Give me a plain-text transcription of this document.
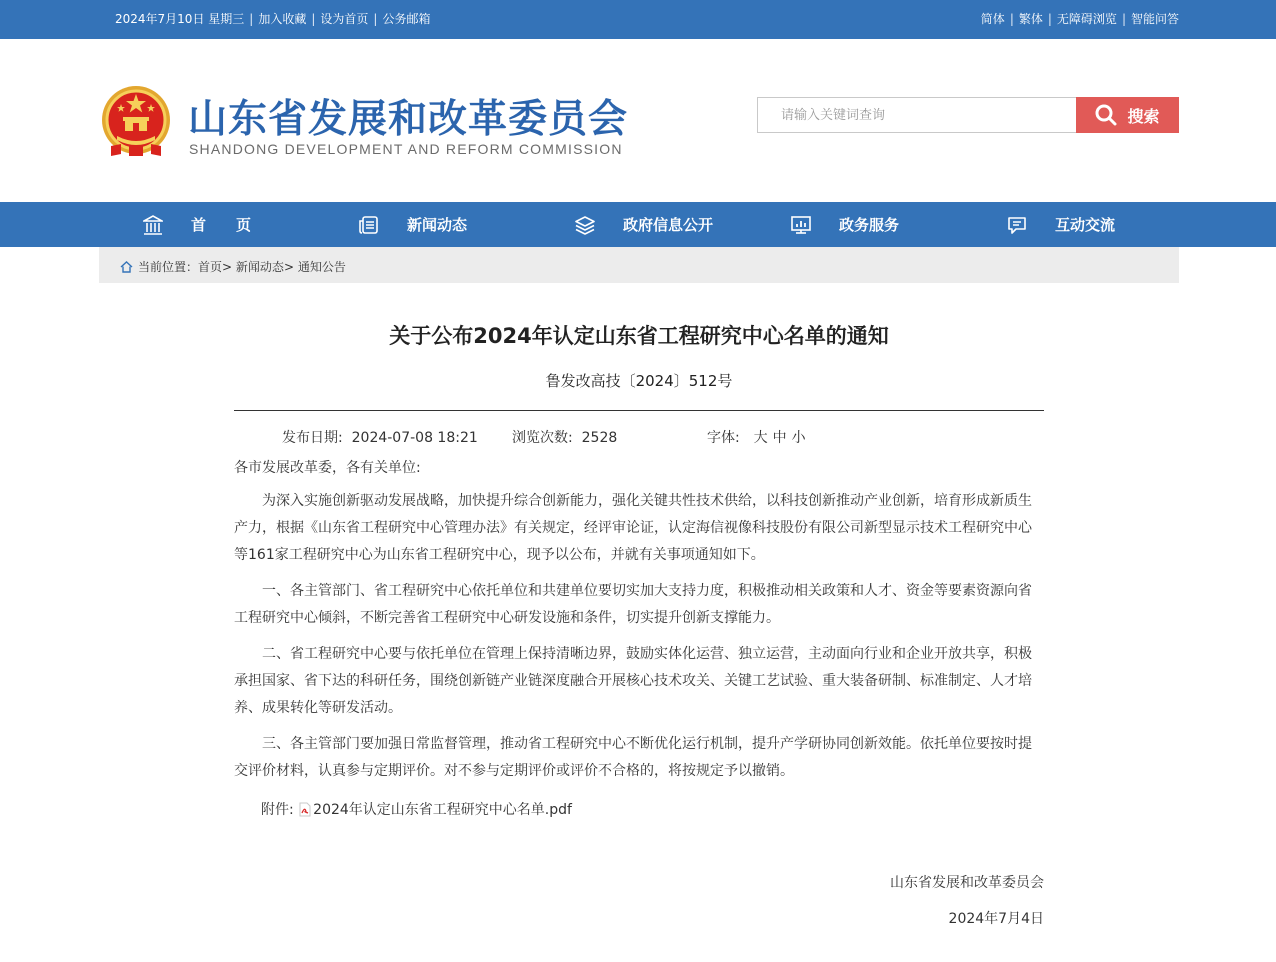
2024年7月10日 星期三 | 加入收藏 | 设为首页 | 公务邮箱	简体 | 繁体 | 无障碍浏览 | 智能问答
山东省发展和改革委员会
SHANDONG DEVELOPMENT AND REFORM COMMISSION
请输入关键词查询
搜索
首　　页	新闻动态	政府信息公开	政务服务	互动交流
当前位置： 首页 >
新闻动态 >
通知公告
关于公布2024年认定山东省工程研究中心名单的通知
鲁发改高技〔2024〕512号
发布日期: 2024-07-08 18:21 浏览次数: 2528	字体: 大 中 小
各市发展改革委，各有关单位:

为深入实施创新驱动发展战略，加快提升综合创新能力，强化关键共性技术供给，以科技创新推动产业创新，培育形成新质生产力，根据《山东省工程研究中心管理办法》有关规定，经评审论证，认定海信视像科技股份有限公司新型显示技术工程研究中心等161家工程研究中心为山东省工程研究中心，现予以公布，并就有关事项通知如下。

一、各主管部门、省工程研究中心依托单位和共建单位要切实加大支持力度，积极推动相关政策和人才、资金等要素资源向省工程研究中心倾斜，不断完善省工程研究中心研发设施和条件，切实提升创新支撑能力。

二、省工程研究中心要与依托单位在管理上保持清晰边界，鼓励实体化运营、独立运营，主动面向行业和企业开放共享，积极承担国家、省下达的科研任务，围绕创新链产业链深度融合开展核心技术攻关、关键工艺试验、重大装备研制、标准制定、人才培养、成果转化等研发活动。

三、各主管部门要加强日常监督管理，推动省工程研究中心不断优化运行机制，提升产学研协同创新效能。依托单位要按时提交评价材料，认真参与定期评价。对不参与定期评价或评价不合格的，将按规定予以撤销。

附件:
2024年认定山东省工程研究中心名单.pdf
山东省发展和改革委员会
2024年7月4日
